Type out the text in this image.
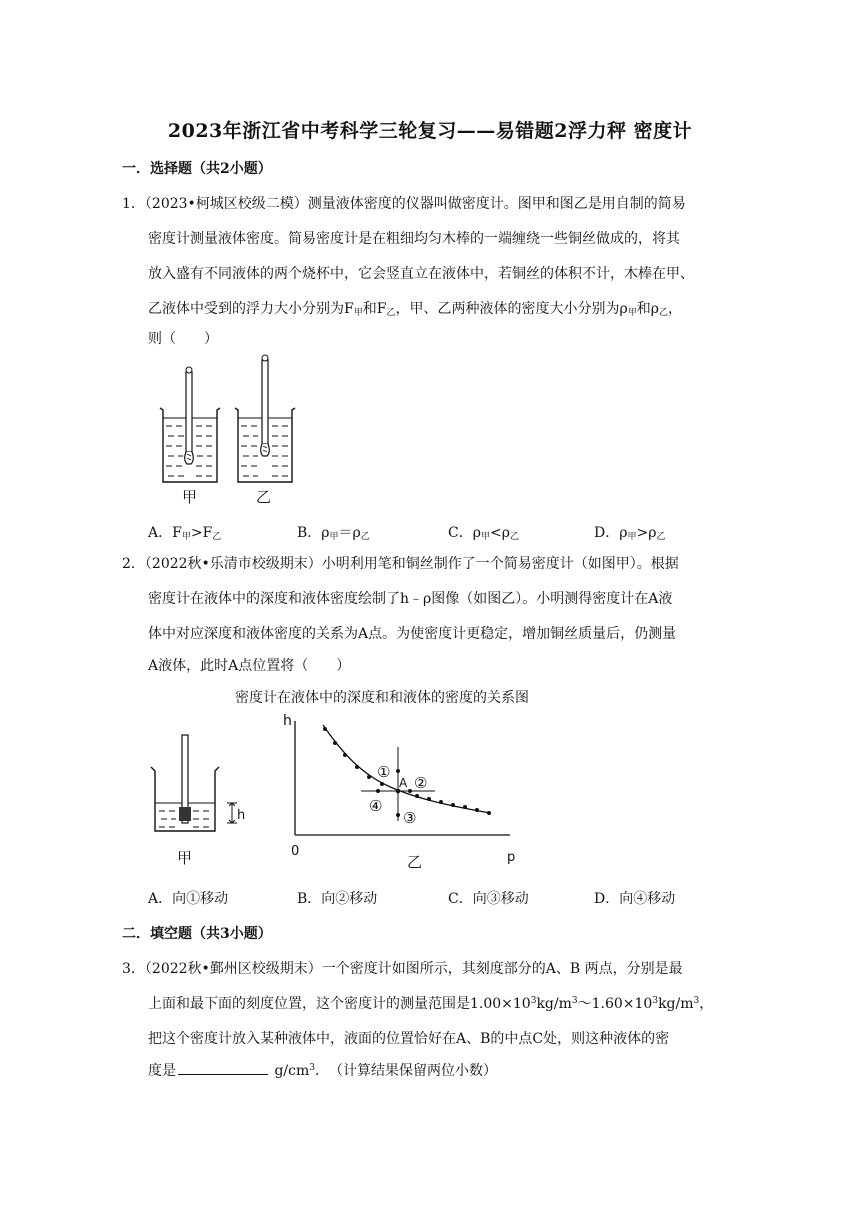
2023年浙江省中考科学三轮复习——易错题2浮力秤 密度计
一．选择题（共2小题）
1．（2023•柯城区校级二模）测量液体密度的仪器叫做密度计。图甲和图乙是用自制的简易
密度计测量液体密度。简易密度计是在粗细均匀木棒的一端缠绕一些铜丝做成的，将其
放入盛有不同液体的两个烧杯中，它会竖直立在液体中，若铜丝的体积不计，木棒在甲、
乙液体中受到的浮力大小分别为$F_甲$和$F_乙$，甲、乙两种液体的密度大小分别为$\rho_甲$和$\rho_乙$，
则（　　）
甲	乙
A．$F_甲>F_乙$	B．$\rho_甲=\rho_乙$	C．$\rho_甲<\rho_乙$	D．$\rho_甲>\rho_乙$
2．（2022秋•乐清市校级期末）小明利用笔和铜丝制作了一个简易密度计（如图甲）。根据
密度计在液体中的深度和液体密度绘制了h﹣ρ图像（如图乙）。小明测得密度计在A液
体中对应深度和液体密度的关系为A点。为使密度计更稳定，增加铜丝质量后，仍测量
A液体，此时A点位置将（　　）
密度计在液体中的深度和和液体的密度的关系图
h
甲
h
0	p
乙
A
①
②
③
④
A．向①移动	B．向②移动	C．向③移动	D．向④移动
二．填空题（共3小题）
3．（2022秋•鄞州区校级期末）一个密度计如图所示，其刻度部分的A、B 两点，分别是最
上面和最下面的刻度位置，这个密度计的测量范围是$1.00\times 10^3kg/m^3\sim 1.60\times 10^3kg/m^3$，
把这个密度计放入某种液体中，液面的位置恰好在A、B的中点C处，则这种液体的密
度是	$g/cm^3$．　（计算结果保留两位小数）
